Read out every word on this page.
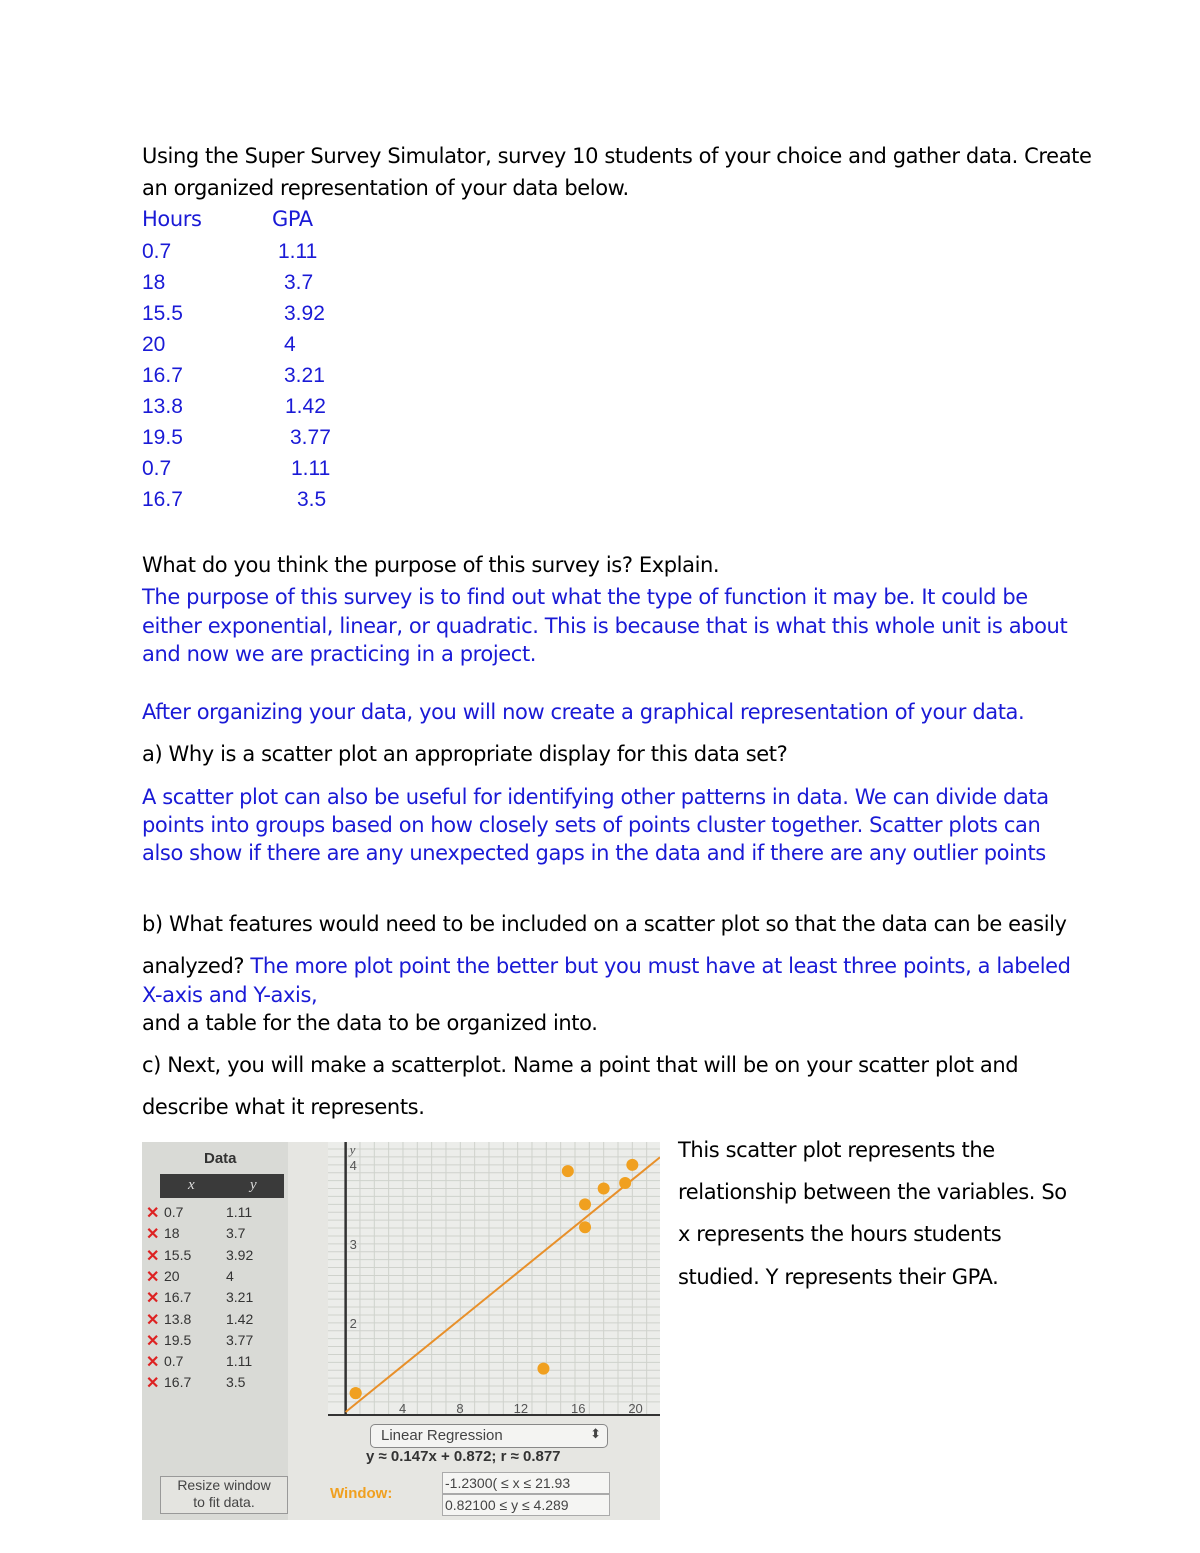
Using the Super Survey Simulator, survey 10 students of your choice and gather data. Create
an organized representation of your data below.
Hours	GPA
0.7	1.11
18	3.7
15.5	3.92
20	4
16.7	3.21
13.8	1.42
19.5	3.77
0.7	1.11
16.7	3.5
What do you think the purpose of this survey is? Explain.
The purpose of this survey is to find out what the type of function it may be. It could be
either exponential, linear, or quadratic. This is because that is what this whole unit is about
and now we are practicing in a project.
After organizing your data, you will now create a graphical representation of your data.
a) Why is a scatter plot an appropriate display for this data set?
A scatter plot can also be useful for identifying other patterns in data. We can divide data
points into groups based on how closely sets of points cluster together. Scatter plots can
also show if there are any unexpected gaps in the data and if there are any outlier points
b) What features would need to be included on a scatter plot so that the data can be easily
analyzed? The more plot point the better but you must have at least three points, a labeled
X-axis and Y-axis,
and a table for the data to be organized into.
c) Next, you will make a scatterplot. Name a point that will be on your scatter plot and
describe what it represents.
This scatter plot represents the
relationship between the variables. So
x represents the hours students
studied. Y represents their GPA.
Data
x	y
✕ 0.7	1.11
✕ 18	3.7
✕ 15.5 3.92
✕ 20	4
✕ 16.7 3.21
✕ 13.8 1.42
✕ 19.5 3.77
✕ 0.7	1.11
✕ 16.7 3.5
Resize window
to fit data.
4	8	12	16	20
2
3
4
y
Linear Regression	⬍
y ≈ 0.147x + 0.872; r ≈ 0.877
Window:
-1.2300( ≤ x ≤ 21.93
0.82100 ≤ y ≤ 4.289
